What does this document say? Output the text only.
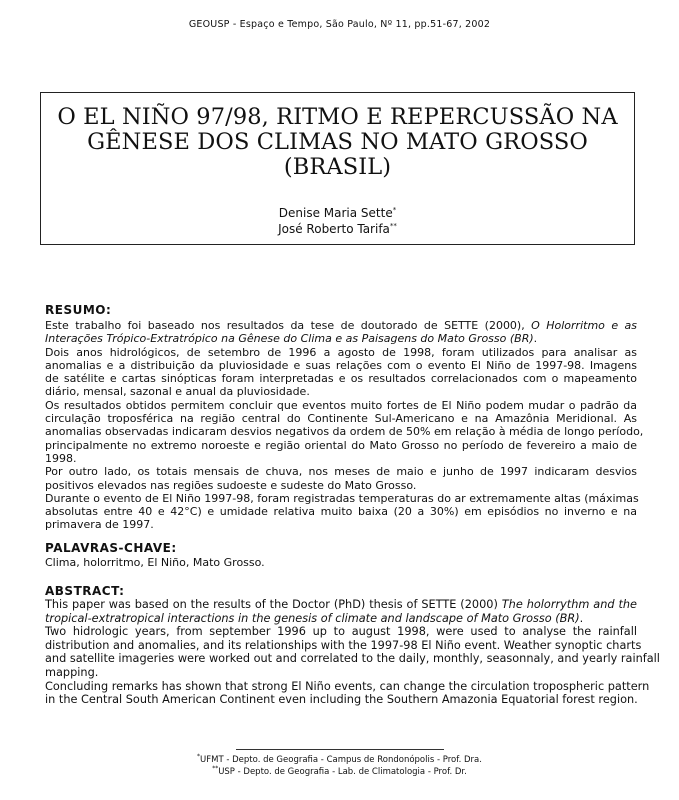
GEOUSP - Espaço e Tempo, São Paulo, Nº 11, pp.51-67, 2002
O EL NIÑO 97/98, RITMO E REPERCUSSÃO NA
GÊNESE DOS CLIMAS NO MATO GROSSO
(BRASIL)
Denise Maria Sette*
José Roberto Tarifa**
RESUMO:
Este trabalho foi baseado nos resultados da tese de doutorado de SETTE (2000), O Holorritmo e as
Interações Trópico-Extratrópico na Gênese do Clima e as Paisagens do Mato Grosso (BR).
Dois anos hidrológicos, de setembro de 1996 a agosto de 1998, foram utilizados para analisar as
anomalias e a distribuição da pluviosidade e suas relações com o evento El Niño de 1997-98. Imagens
de satélite e cartas sinópticas foram interpretadas e os resultados correlacionados com o mapeamento
diário, mensal, sazonal e anual da pluviosidade.
Os resultados obtidos permitem concluir que eventos muito fortes de El Niño podem mudar o padrão da
circulação troposférica na região central do Continente Sul-Americano e na Amazônia Meridional. As
anomalias observadas indicaram desvios negativos da ordem de 50% em relação à média de longo período,
principalmente no extremo noroeste e região oriental do Mato Grosso no período de fevereiro a maio de
1998.
Por outro lado, os totais mensais de chuva, nos meses de maio e junho de 1997 indicaram desvios
positivos elevados nas regiões sudoeste e sudeste do Mato Grosso.
Durante o evento de El Niño 1997-98, foram registradas temperaturas do ar extremamente altas (máximas
absolutas entre 40 e 42°C) e umidade relativa muito baixa (20 a 30%) em episódios no inverno e na
primavera de 1997.
PALAVRAS-CHAVE:
Clima, holorritmo, El Niño, Mato Grosso.
ABSTRACT:
This paper was based on the results of the Doctor (PhD) thesis of SETTE (2000) The holorrythm and the
tropical-extratropical interactions in the genesis of climate and landscape of Mato Grosso (BR).
Two hidrologic years, from september 1996 up to august 1998, were used to analyse the rainfall
distribution and anomalies, and its relationships with the 1997-98 El Niño event. Weather synoptic charts
and satellite imageries were worked out and correlated to the daily, monthly, seasonnaly, and yearly rainfall
mapping.
Concluding remarks has shown that strong El Niño events, can change the circulation tropospheric pattern
in the Central South American Continent even including the Southern Amazonia Equatorial forest region.
*UFMT - Depto. de Geografia - Campus de Rondonópolis - Prof. Dra.
**USP - Depto. de Geografia - Lab. de Climatologia - Prof. Dr.
